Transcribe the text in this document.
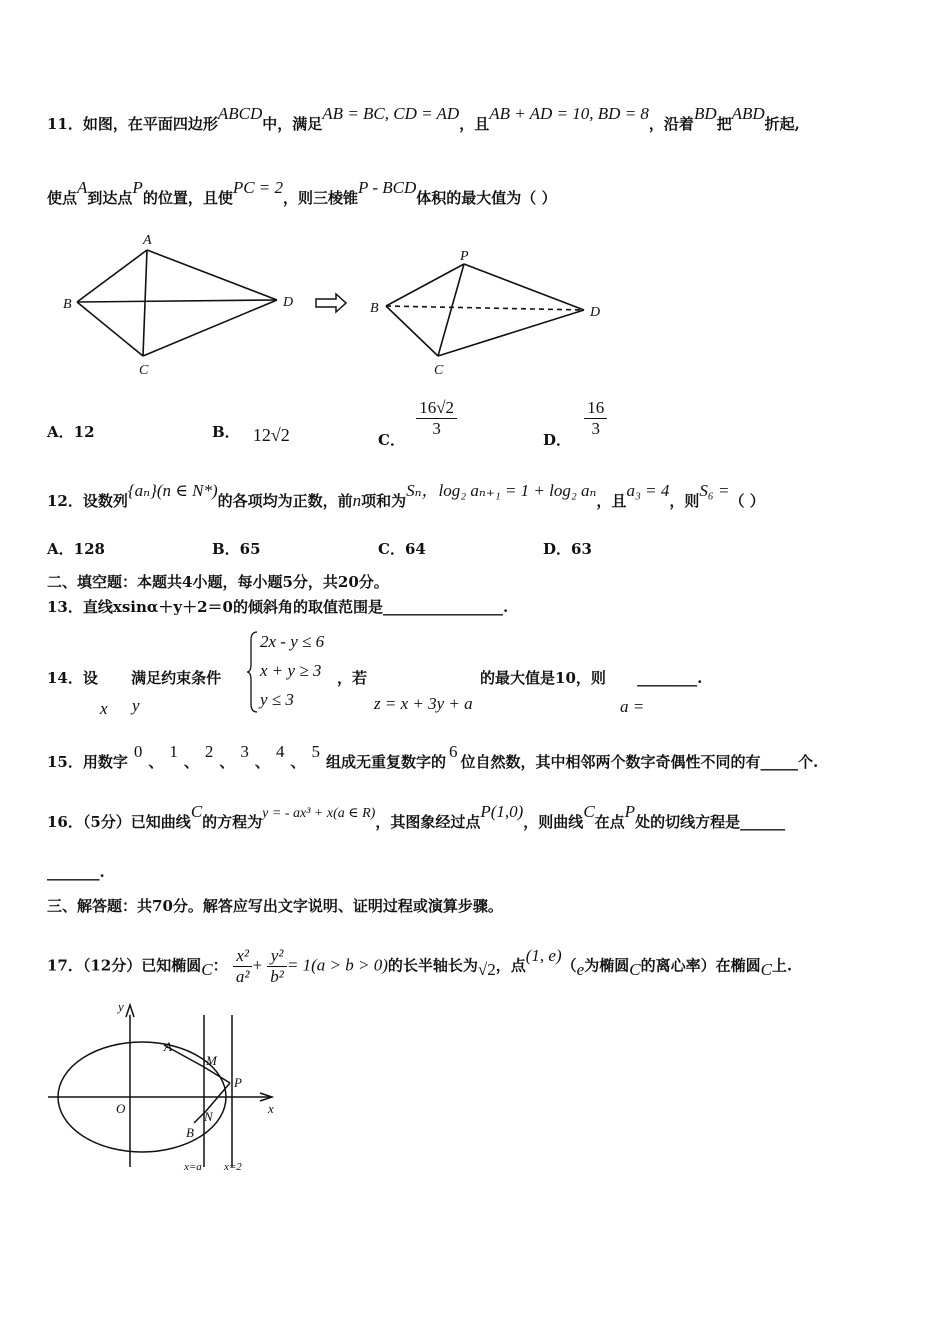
11．如图，在平面四边形ABCD中，满足AB = BC, CD = AD，且AB + AD = 10, BD = 8，沿着BD把ABD折起,
使点A到达点P的位置，且使PC = 2，则三棱锥P - BCD体积的最大值为（ ）
A
B
C
D
P
B
C
D
A．12	B． 12√2	C．
$\frac{16√2}{3}$
D．
$\frac{16}{3}$
12．设数列{aₙ}(n ∈ N*)的各项均为正数，前n项和为Sₙ，log₂ aₙ₊₁ = 1 + log₂ aₙ，且a₃ = 4，则S₆ =（ ）
A．128	B．65	C．64	D．63
二、填空题：本题共4小题，每小题5分，共20分。
13．直线xsinα＋y＋2＝0的倾斜角的取值范围是________________.
14．设 满足约束条件
x y
2x - y ≤ 6
x + y ≥ 3
y ≤ 3
，若
z = x + 3y + a
的最大值是10，则 ________.
a =
15．用数字0、1、2、3、4、5组成无重复数字的6位自然数，其中相邻两个数字奇偶性不同的有_____个.
16．（5分）已知曲线C的方程为y = - ax³ + x(a ∈ R)，其图象经过点P(1,0)，则曲线C在点P处的切线方程是______
_______.
三、解答题：共70分。解答应写出文字说明、证明过程或演算步骤。
17．（12分）已知椭圆C： $\frac{\text{x²}}{\text{a²}} + \frac{\text{y²}}{\text{b²}} = 1(a > b > 0)$的长半轴长为√2，点(1, e)（e为椭圆C的离心率）在椭圆C上.
y
x
O
A
M
P
N
B
x=a x=2
